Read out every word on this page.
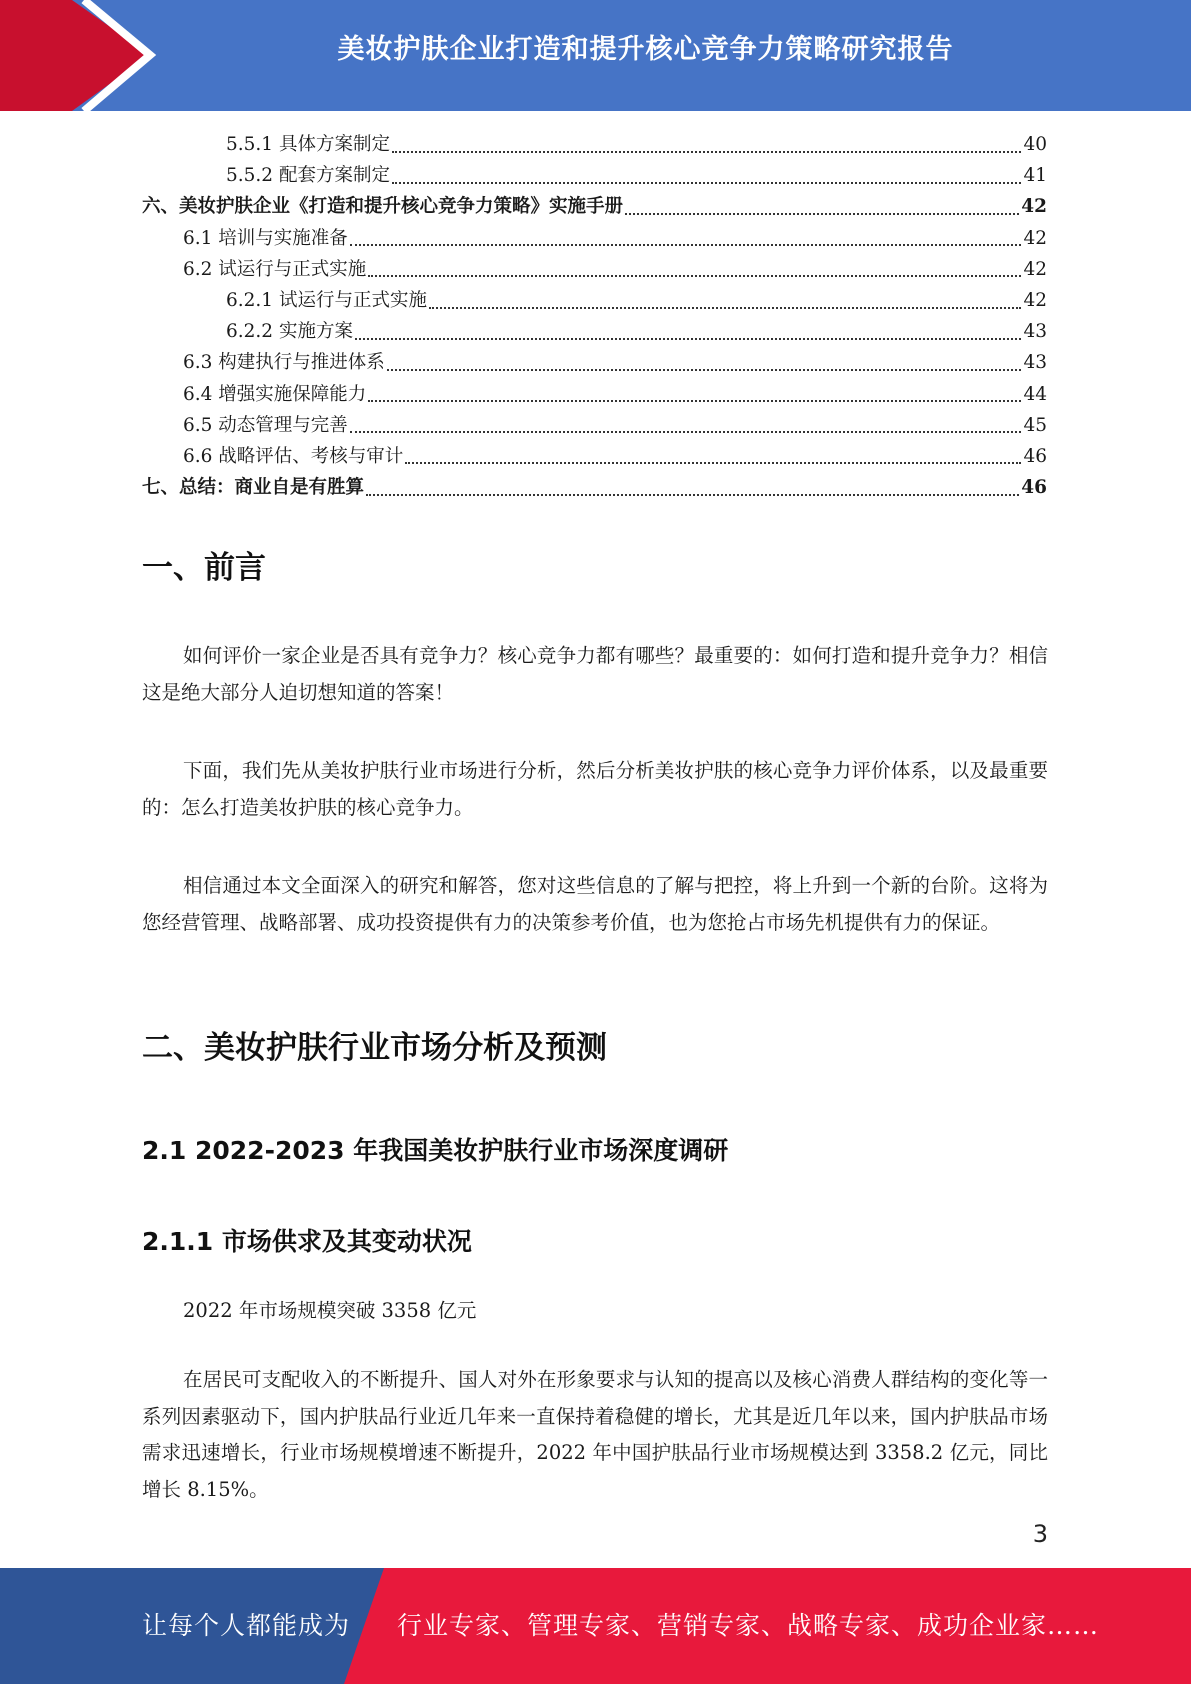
美妆护肤企业打造和提升核心竞争力策略研究报告
5.5.1 具体方案制定	40
5.5.2 配套方案制定	41
六、美妆护肤企业《打造和提升核心竞争力策略》实施手册	42
6.1 培训与实施准备	42
6.2 试运行与正式实施	42
6.2.1 试运行与正式实施	42
6.2.2 实施方案	43
6.3 构建执行与推进体系	43
6.4 增强实施保障能力	44
6.5 动态管理与完善	45
6.6 战略评估、考核与审计	46
七、总结：商业自是有胜算	46
一、前言
如何评价一家企业是否具有竞争力？核心竞争力都有哪些？最重要的：如何打造和提升竞争力？相信这是绝大部分人迫切想知道的答案！
下面，我们先从美妆护肤行业市场进行分析，然后分析美妆护肤的核心竞争力评价体系，以及最重要的：怎么打造美妆护肤的核心竞争力。
相信通过本文全面深入的研究和解答，您对这些信息的了解与把控，将上升到一个新的台阶。这将为您经营管理、战略部署、成功投资提供有力的决策参考价值，也为您抢占市场先机提供有力的保证。
二、美妆护肤行业市场分析及预测
2.1 2022-2023 年我国美妆护肤行业市场深度调研
2.1.1 市场供求及其变动状况
2022 年市场规模突破 3358 亿元
在居民可支配收入的不断提升、国人对外在形象要求与认知的提高以及核心消费人群结构的变化等一系列因素驱动下，国内护肤品行业近几年来一直保持着稳健的增长，尤其是近几年以来，国内护肤品市场需求迅速增长，行业市场规模增速不断提升，2022 年中国护肤品行业市场规模达到 3358.2 亿元，同比增长 8.15%。
3
让每个人都能成为 行业专家、管理专家、营销专家、战略专家、成功企业家……
